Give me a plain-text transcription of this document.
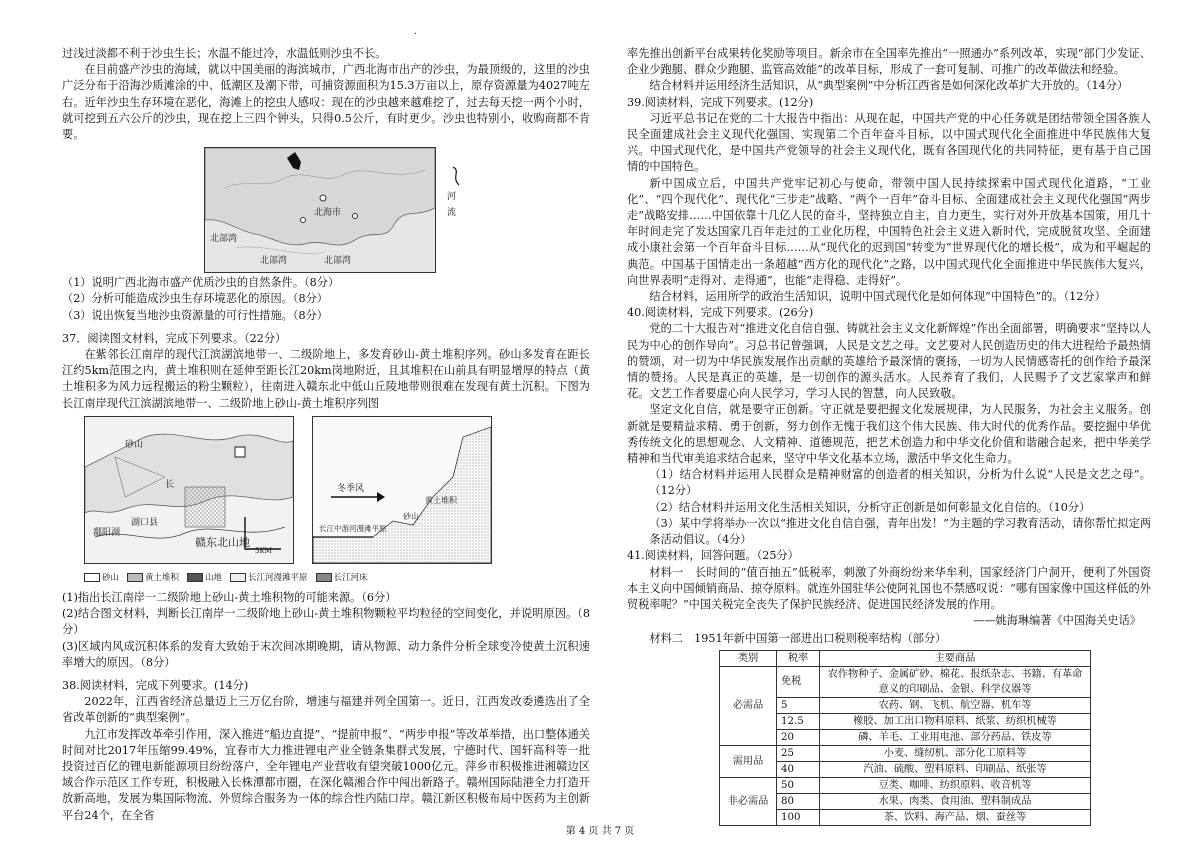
.

过浅过淡都不利于沙虫生长；水温不能过冷，水温低则沙虫不长。

在目前盛产沙虫的海域，就以中国美丽的海滨城市，广西北海市出产的沙虫，为最顶级的，这里的沙虫广泛分布于沿海沙质滩涂的中、低潮区及潮下带，可捕资源面积为15.3万亩以上，原存资源量为4027吨左右。近年沙虫生存环境在恶化，海滩上的挖虫人感叹：现在的沙虫越来越难挖了，过去每天挖一两个小时，就可挖到五六公斤的沙虫，现在挖上三四个钟头，只得0.5公斤，有时更少。沙虫也特别小，收购商都不肯要。

北海市
北部湾
北部湾	北部湾
河流

（1）说明广西北海市盛产优质沙虫的自然条件。（8分）

（2）分析可能造成沙虫生存环境恶化的原因。（8分）

（3）说出恢复当地沙虫资源量的可行性措施。（8分）

37．阅读图文材料，完成下列要求。（22分）

在紫邻长江南岸的现代江滨湖滨地带一、二级阶地上，多发育砂山-黄土堆积序列。砂山多发育在距长江约5km范围之内，黄土堆积则在延伸至距长江20km岗地附近，且其堆积在山前具有明显增厚的特点（黄土堆积多为风力远程搬运的粉尘颗粒），往南进入赣东北中低山丘陵地带则很难在发现有黄土沉积。下图为长江南岸现代江滨湖滨地带一、二级阶地上砂山-黄土堆积序列图

砂山
鄱阳湖
湖口县
长
赣东北山地
5KM
冬季风
长江中游河漫滩平原
砂山
黄土堆积
砂山	黄土堆积	山地	长江河漫滩平原	长江河床

(1)指出长江南岸一二级阶地上砂山-黄土堆积物的可能来源。（6分）

(2)结合图文材料，判断长江南岸一二级阶地上砂山-黄土堆积物颗粒平均粒径的空间变化，并说明原因。（8分）

(3)区域内风成沉积体系的发育大致始于末次间冰期晚期，请从物源、动力条件分析全球变冷使黄土沉积速率增大的原因。（8分）

38.阅读材料，完成下列要求。(14分)

2022年，江西省经济总量迈上三万亿台阶，增速与福建并列全国第一。近日，江西发改委遴选出了全省改革创新的“典型案例”。

九江市发挥改革牵引作用，深入推进“船边直提”、“提前申报”、“两步申报”等改革举措，出口整体通关时间对比2017年压缩99.49%，宜春市大力推进锂电产业全链条集群式发展，宁德时代、国轩高科等一批投资过百亿的锂电新能源项目纷纷落户，全年锂电产业营收有望突破1000亿元。萍乡市积极推进湘赣边区域合作示范区工作专班，积极融入长株潭都市圈，在深化赣湘合作中闯出新路子。赣州国际陆港全力打造开放新高地，发展为集国际物流、外贸综合服务为一体的综合性内陆口岸。赣江新区积极布局中医药为主创新平台24个，在全省

率先推出创新平台成果转化奖励等项目。新余市在全国率先推出“一照通办”系列改革，实现“部门少发证、企业少跑腿、群众少跑腿、监管高效能”的改革目标，形成了一套可复制、可推广的改革做法和经验。

结合材料并运用经济生活知识，从“典型案例”中分析江西省是如何深化改革扩大开放的。（14分）

39.阅读材料，完成下列要求。(12分)

习近平总书记在党的二十大报告中指出：从现在起，中国共产党的中心任务就是团结带领全国各族人民全面建成社会主义现代化强国、实现第二个百年奋斗目标，以中国式现代化全面推进中华民族伟大复兴。中国式现代化，是中国共产党领导的社会主义现代化，既有各国现代化的共同特征，更有基于自己国情的中国特色。

新中国成立后，中国共产党牢记初心与使命，带领中国人民持续探索中国式现代化道路，“工业化”、“四个现代化”、现代化“三步走”战略、“两个一百年”奋斗目标、全面建成社会主义现代化强国“两步走”战略安排……中国依靠十几亿人民的奋斗，坚持独立自主，自力更生，实行对外开放基本国策，用几十年时间走完了发达国家几百年走过的工业化历程，中国特色社会主义进入新时代，完成脱贫攻坚、全面建成小康社会第一个百年奋斗目标……从“现代化的迟到国”转变为“世界现代化的增长极”，成为和平崛起的典范。中国基于国情走出一条超越“西方化的现代化”之路，以中国式现代化全面推进中华民族伟大复兴，向世界表明“走得对、走得通”，也能“走得稳、走得好”。

结合材料，运用所学的政治生活知识，说明中国式现代化是如何体现“中国特色”的。（12分）

40.阅读材料，完成下列要求。(26分)

党的二十大报告对“推进文化自信自强、铸就社会主义文化新辉煌”作出全面部署，明确要求“坚持以人民为中心的创作导向”。习总书记曾强调，人民是文艺之母。文艺要对人民创造历史的伟大进程给予最热情的赞颂，对一切为中华民族发展作出贡献的英雄给予最深情的褒扬，一切为人民情感寄托的创作给予最深情的赞扬。人民是真正的英雄，是一切创作的源头活水。人民养育了我们，人民赐予了文艺家掌声和鲜花。文艺工作者要虚心向人民学习，学习人民的智慧，向人民致敬。

坚定文化自信，就是要守正创新。守正就是要把握文化发展规律，为人民服务，为社会主义服务。创新就是要精益求精、勇于创新，努力创作无愧于我们这个伟大民族、伟大时代的优秀作品。要挖掘中华优秀传统文化的思想观念、人文精神、道德规范，把艺术创造力和中华文化价值和谐融合起来，把中华美学精神和当代审美追求结合起来，坚守中华文化基本立场，激活中华文化生命力。

（1）结合材料并运用人民群众是精神财富的创造者的相关知识，分析为什么说“人民是文艺之母”。（12分）

（2）结合材料并运用文化生活相关知识，分析守正创新是如何彰显文化自信的。（10分）

（3）某中学将举办一次以“推进文化自信自强，青年出发！”为主题的学习教育活动，请你帮忙拟定两条活动倡议。（4分）

41.阅读材料，回答问题。（25分）

材料一　长时间的“值百抽五”低税率，刺激了外商纷纷来华牟利，国家经济门户洞开，便利了外国资本主义向中国倾销商品、掠夺原料。就连外国驻华公使阿礼国也不禁感叹说：“哪有国家像中国这样低的外贸税率呢？”中国关税完全丧失了保护民族经济、促进国民经济发展的作用。

——姚海琳编著《中国海关史话》

材料二　1951年新中国第一部进出口税则税率结构（部分）

类别	税率	主要商品
必需品	免税	农作物种子、金属矿砂、棉花、报纸杂志、书籍、有革命意义的印刷品、金银、科学仪器等
	5	农药、钢、飞机、航空器、机车等
	12.5	橡胶、加工出口物料原料、纸浆、纺织机械等
	20	磷、羊毛、工业用电池、部分药品、铁皮等
需用品	25	小麦、缝纫机、部分化工原料等
	40	汽油、硫酸、塑料原料、印刷品、纸张等
非必需品	50	豆类、咖啡、纺织原料、收音机等
	80	水果、肉类、食用油、塑料制成品
	100	茶、饮料、海产品、烟、蚕丝等
第 4 页 共 7 页
